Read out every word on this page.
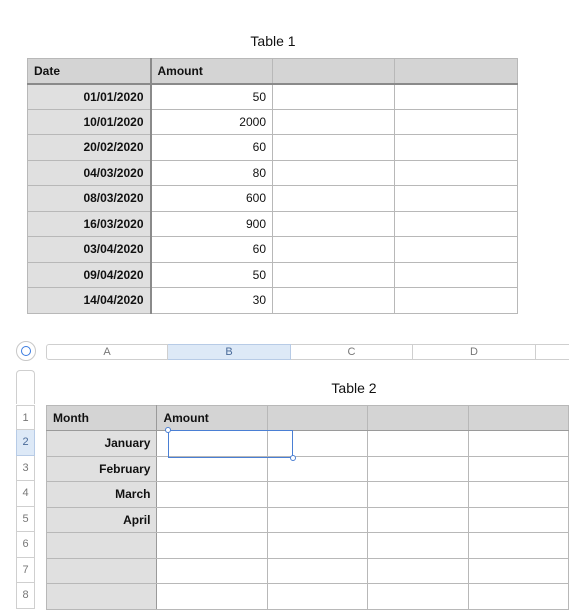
Table 1
Date	Amount		
01/01/2020	50		
10/01/2020	2000		
20/02/2020	60		
04/03/2020	80		
08/03/2020	600		
16/03/2020	900		
03/04/2020	60		
09/04/2020	50		
14/04/2020	30		
A	B	C	D
1
2
3
4
5
6
7
8
Table 2
Month	Amount			
January				
February				
March				
April				
